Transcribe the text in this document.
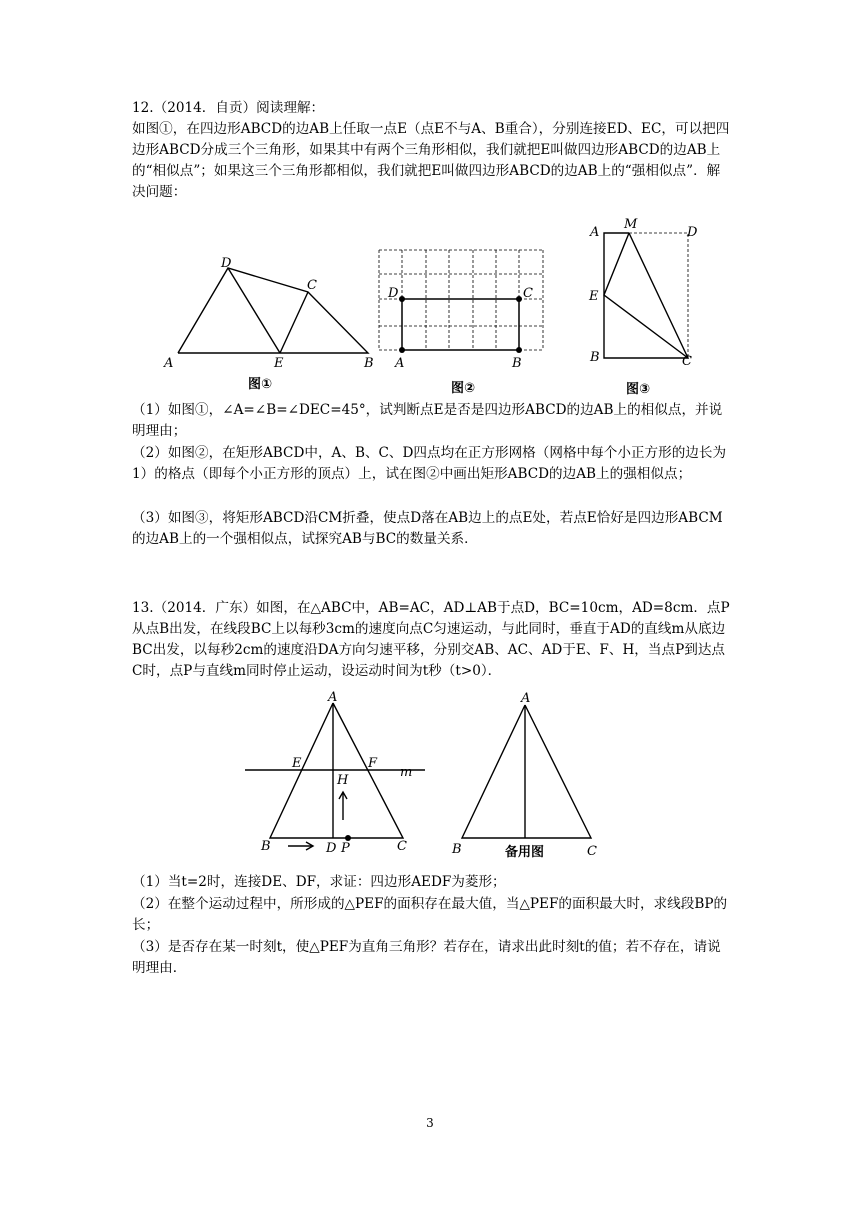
12.（2014．自贡）阅读理解：
如图①，在四边形ABCD的边AB上任取一点E（点E不与A、B重合），分别连接ED、EC，可以把四边形ABCD分成三个三角形，如果其中有两个三角形相似，我们就把E叫做四边形ABCD的边AB上的“相似点”；如果这三个三角形都相似，我们就把E叫做四边形ABCD的边AB上的“强相似点”．解决问题：

D
C
A	E	B
图①
D	C
A	B
图②
M
A	D
E
B	C
图③

（1）如图①，∠A=∠B=∠DEC=45°，试判断点E是否是四边形ABCD的边AB上的相似点，并说明理由；

（2）如图②，在矩形ABCD中，A、B、C、D四点均在正方形网格（网格中每个小正方形的边长为1）的格点（即每个小正方形的顶点）上，试在图②中画出矩形ABCD的边AB上的强相似点；

（3）如图③，将矩形ABCD沿CM折叠，使点D落在AB边上的点E处，若点E恰好是四边形ABCM的边AB上的一个强相似点，试探究AB与BC的数量关系．

13.（2014．广东）如图，在△ABC中，AB=AC，AD⊥AB于点D，BC=10cm，AD=8cm．点P从点B出发，在线段BC上以每秒3cm的速度向点C匀速运动，与此同时，垂直于AD的直线m从底边BC出发，以每秒2cm的速度沿DA方向匀速平移，分别交AB、AC、AD于E、F、H，当点P到达点C时，点P与直线m同时停止运动，设运动时间为t秒（t>0）．

A
E	F
m
H
B	D P	C
A
B	C
备用图

（1）当t=2时，连接DE、DF，求证：四边形AEDF为菱形；

（2）在整个运动过程中，所形成的△PEF的面积存在最大值，当△PEF的面积最大时，求线段BP的长；

（3）是否存在某一时刻t，使△PEF为直角三角形？若存在，请求出此时刻t的值；若不存在，请说明理由．

3
